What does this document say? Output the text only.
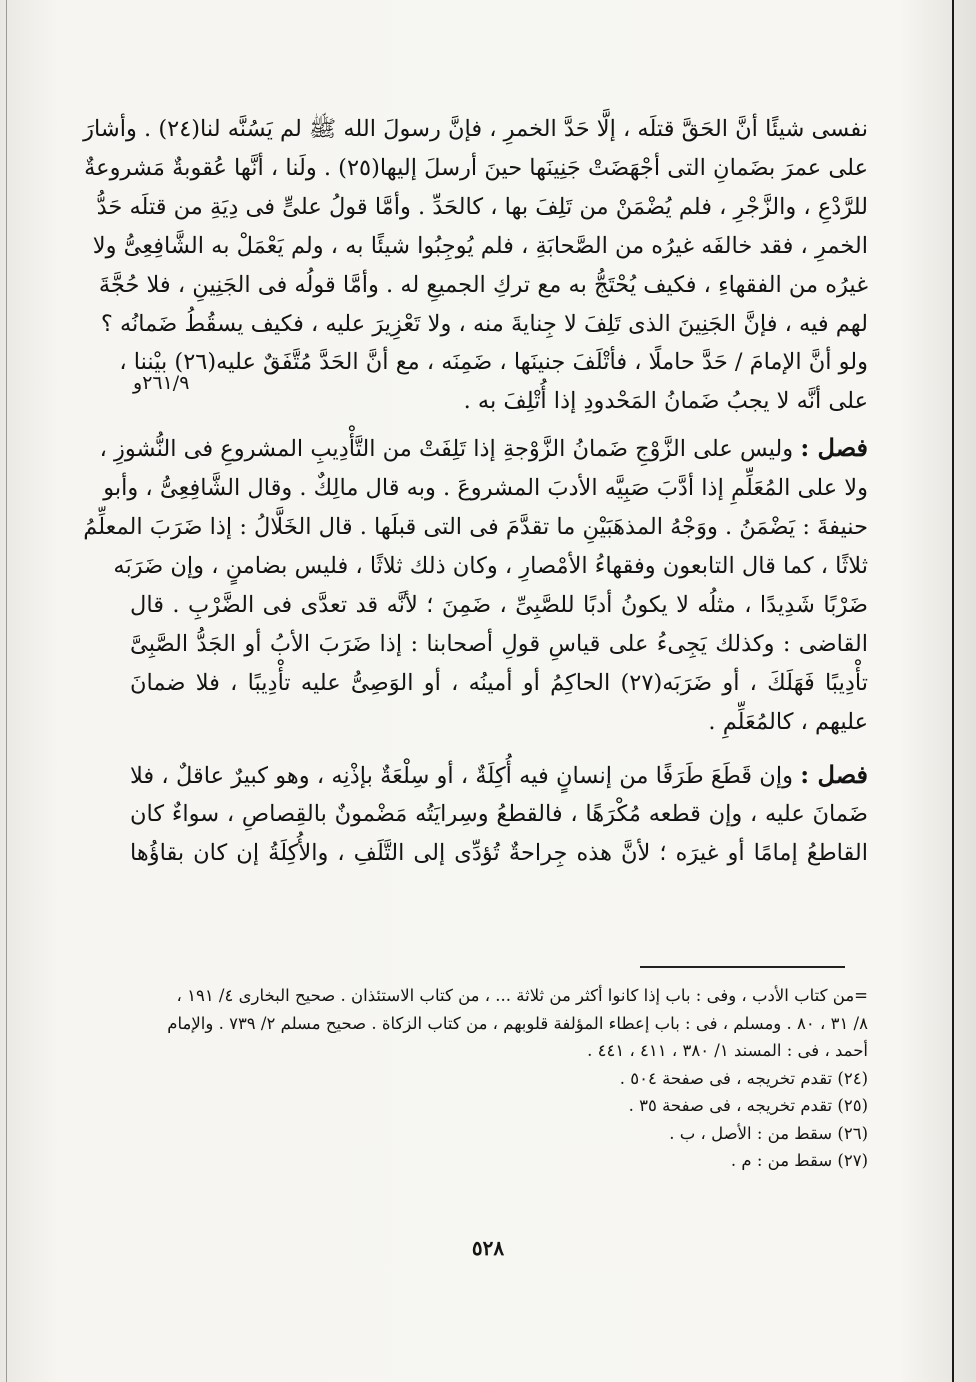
٢٦١/٩و

نفسى شيئًا أنَّ الحَقَّ قتلَه ، إلَّا حَدَّ الخمرِ ، فإنَّ رسولَ الله ﷺ لم يَسُنَّه لنا(٢٤) . وأشارَ
على عمرَ بضَمانِ التى أجْهَضَتْ جَنِينَها حينَ أرسلَ إليها(٢٥) . ولَنا ، أنَّها عُقوبةٌ مَشروعةٌ
للرَّدْعِ ، والزَّجْرِ ، فلم يُضْمَنْ من تَلِفَ بها ، كالحَدِّ . وأمَّا قولُ علىٍّ فى دِيَةِ من قتلَه حَدُّ
الخمرِ ، فقد خالفَه غيرُه من الصَّحابَةِ ، فلم يُوجِبُوا شيئًا به ، ولم يَعْمَلْ به الشَّافِعِىُّ ولا
غيرُه من الفقهاءِ ، فكيف يُحْتَجُّ به مع تركِ الجميعِ له . وأمَّا قولُه فى الجَنِينِ ، فلا حُجَّةَ
لهم فيه ، فإنَّ الجَنِينَ الذى تَلِفَ لا جِنايةَ منه ، ولا تَعْزِيرَ عليه ، فكيف يسقُطُ ضَمانُه ؟
ولو أنَّ الإمامَ / حَدَّ حاملًا ، فأتْلَفَ جنينَها ، ضَمِنَه ، مع أنَّ الحَدَّ مُتَّفَقٌ عليه(٢٦) بيْننا ،
على أنَّه لا يجبُ ضَمانُ المَحْدودِ إذا أُتْلِفَ به .

فصل : وليس على الزَّوْجِ ضَمانُ الزَّوْجةِ إذا تَلِفَتْ من التَّأْدِيبِ المشروعِ فى النُّشوزِ ،
ولا على المُعَلِّمِ إذا أدَّبَ صَبِيَّه الأدبَ المشروعَ . وبه قال مالِكٌ . وقال الشَّافِعِىُّ ، وأبو
حنيفةَ : يَضْمَنُ . ووَجْهُ المذهَبَيْنِ ما تقدَّمَ فى التى قبلَها . قال الخَلَّالُ : إذا ضَرَبَ المعلِّمُ
ثلاثًا ، كما قال التابعون وفقهاءُ الأمْصارِ ، وكان ذلك ثلاثًا ، فليس بضامنٍ ، وإن ضَرَبَه
ضَرْبًا شَدِيدًا ، مثلُه لا يكونُ أدبًا للصَّبِىِّ ، ضَمِنَ ؛ لأنَّه قد تعدَّى فى الضَّرْبِ . قال
القاضى : وكذلك يَجِىءُ على قياسِ قولِ أصحابنا : إذا ضَرَبَ الأبُ أو الجَدُّ الصَّبِىَّ
تأْدِيبًا فَهَلَكَ ، أو ضَرَبَه(٢٧) الحاكِمُ أو أمينُه ، أو الوَصِىُّ عليه تأْدِيبًا ، فلا ضمانَ
عليهم ، كالمُعَلِّمِ .

فصل : وإن قَطَعَ طَرَفًا من إنسانٍ فيه أُكِلَةٌ ، أو سِلْعَةٌ بإذْنِه ، وهو كبيرٌ عاقلٌ ، فلا
ضَمانَ عليه ، وإن قطعه مُكْرَهًا ، فالقطعُ وسِرايَتُه مَضْمونٌ بالقِصاصِ ، سواءٌ كان
القاطعُ إمامًا أو غيرَه ؛ لأنَّ هذه جِراحةٌ تُؤدِّى إلى التَّلَفِ ، والأُكِلَةُ إن كان بقاؤُها

=من كتاب الأدب ، وفى : باب إذا كانوا أكثر من ثلاثة ... ، من كتاب الاستئذان . صحيح البخارى ٤/ ١٩١ ،
٨/ ٣١ ، ٨٠ . ومسلم ، فى : باب إعطاء المؤلفة قلوبهم ، من كتاب الزكاة . صحيح مسلم ٢/ ٧٣٩ . والإمام
أحمد ، فى : المسند ١/ ٣٨٠ ، ٤١١ ، ٤٤١ .
(٢٤) تقدم تخريجه ، فى صفحة ٥٠٤ .
(٢٥) تقدم تخريجه ، فى صفحة ٣٥ .
(٢٦) سقط من : الأصل ، ب .
(٢٧) سقط من : م .
٥٢٨
